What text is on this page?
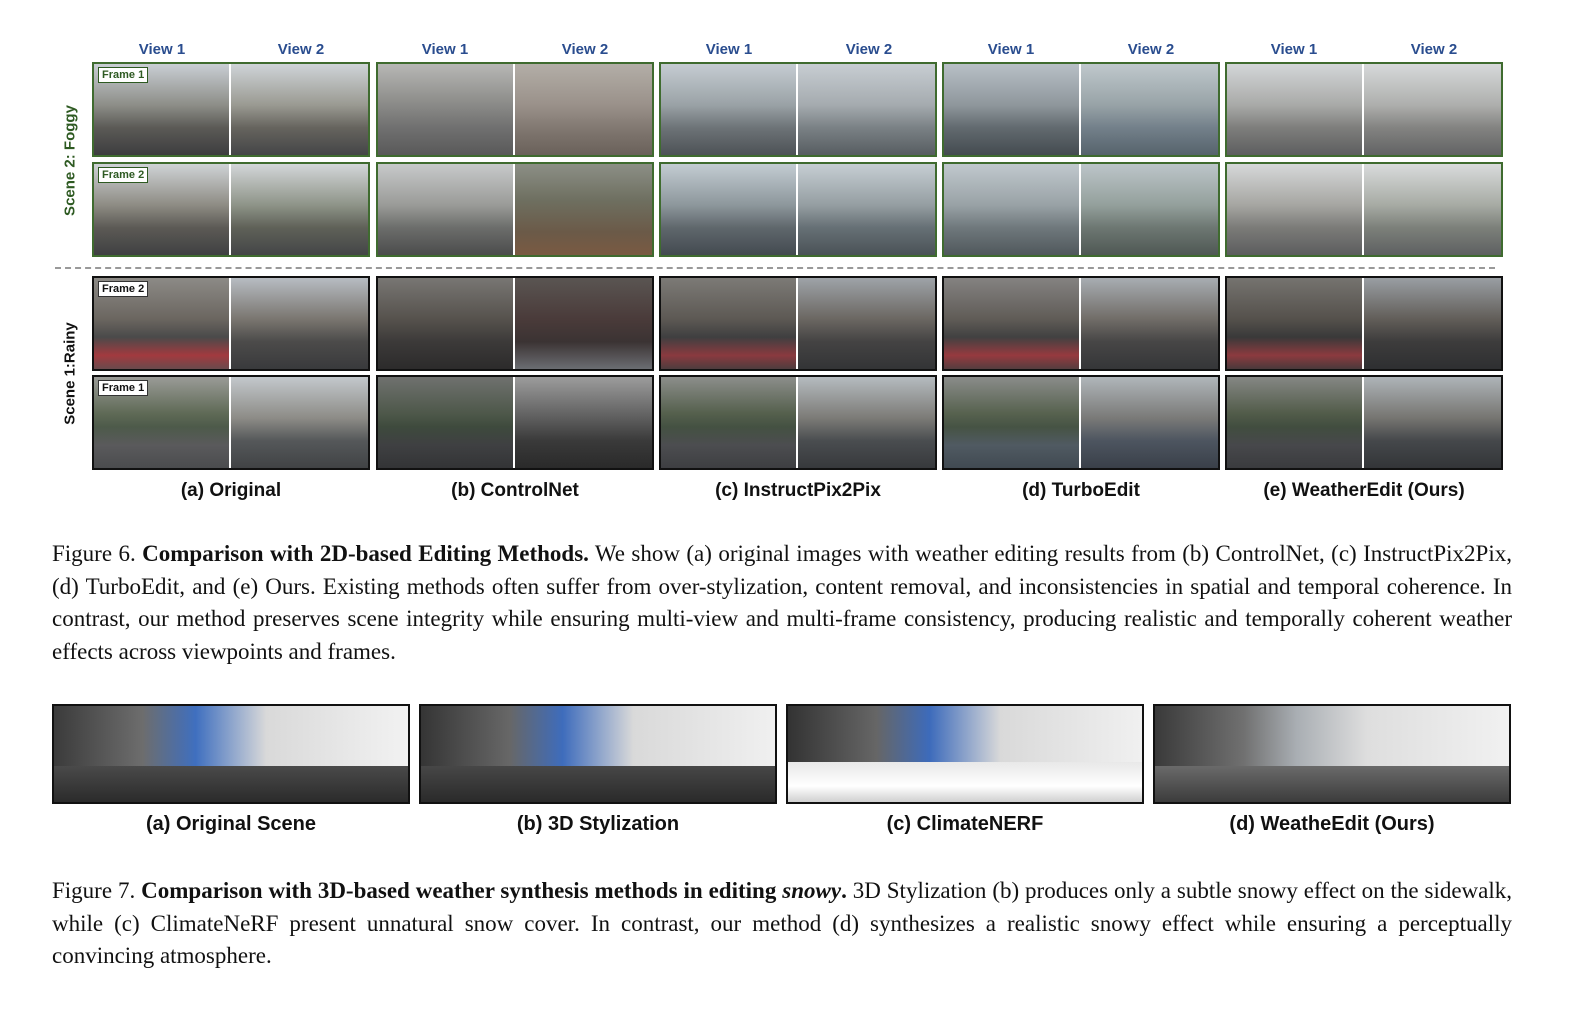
View 1	View 2	View 1	View 2	View 1	View 2	View 1	View 2	View 1	View 2
Scene 2: Foggy
Scene 1:Rainy
Frame 1
Frame 2
Frame 2
Frame 1
(a) Original	(b) ControlNet	(c) InstructPix2Pix	(d) TurboEdit	(e) WeatherEdit (Ours)
Figure 6. Comparison with 2D-based Editing Methods. We show (a) original images with weather editing results from (b) ControlNet, (c) InstructPix2Pix, (d) TurboEdit, and (e) Ours. Existing methods often suffer from over-stylization, content removal, and inconsistencies in spatial and temporal coherence. In contrast, our method preserves scene integrity while ensuring multi-view and multi-frame consistency, producing realistic and temporally coherent weather effects across viewpoints and frames.
(a) Original Scene	(b) 3D Stylization	(c) ClimateNERF	(d) WeatheEdit (Ours)
Figure 7. Comparison with 3D-based weather synthesis methods in editing snowy. 3D Stylization (b) produces only a subtle snowy effect on the sidewalk, while (c) ClimateNeRF present unnatural snow cover. In contrast, our method (d) synthesizes a realistic snowy effect while ensuring a perceptually convincing atmosphere.
